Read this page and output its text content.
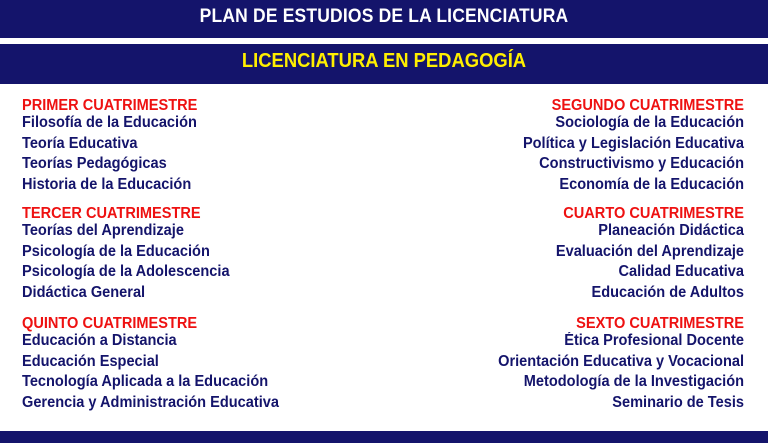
PLAN DE ESTUDIOS DE LA LICENCIATURA
LICENCIATURA EN PEDAGOGÍA
PRIMER CUATRIMESTRE
Filosofía de la Educación
Teoría Educativa
Teorías Pedagógicas
Historia de la Educación
SEGUNDO CUATRIMESTRE
Sociología de la Educación
Política y Legislación Educativa
Constructivismo y Educación
Economía de la Educación
TERCER CUATRIMESTRE
Teorías del Aprendizaje
Psicología de la Educación
Psicología de la Adolescencia
Didáctica General
CUARTO CUATRIMESTRE
Planeación Didáctica
Evaluación del Aprendizaje
Calidad Educativa
Educación de Adultos
QUINTO CUATRIMESTRE
Educación a Distancia
Educación Especial
Tecnología Aplicada a la Educación
Gerencia y Administración Educativa
SEXTO CUATRIMESTRE
Ética Profesional Docente
Orientación Educativa y Vocacional
Metodología de la Investigación
Seminario de Tesis
